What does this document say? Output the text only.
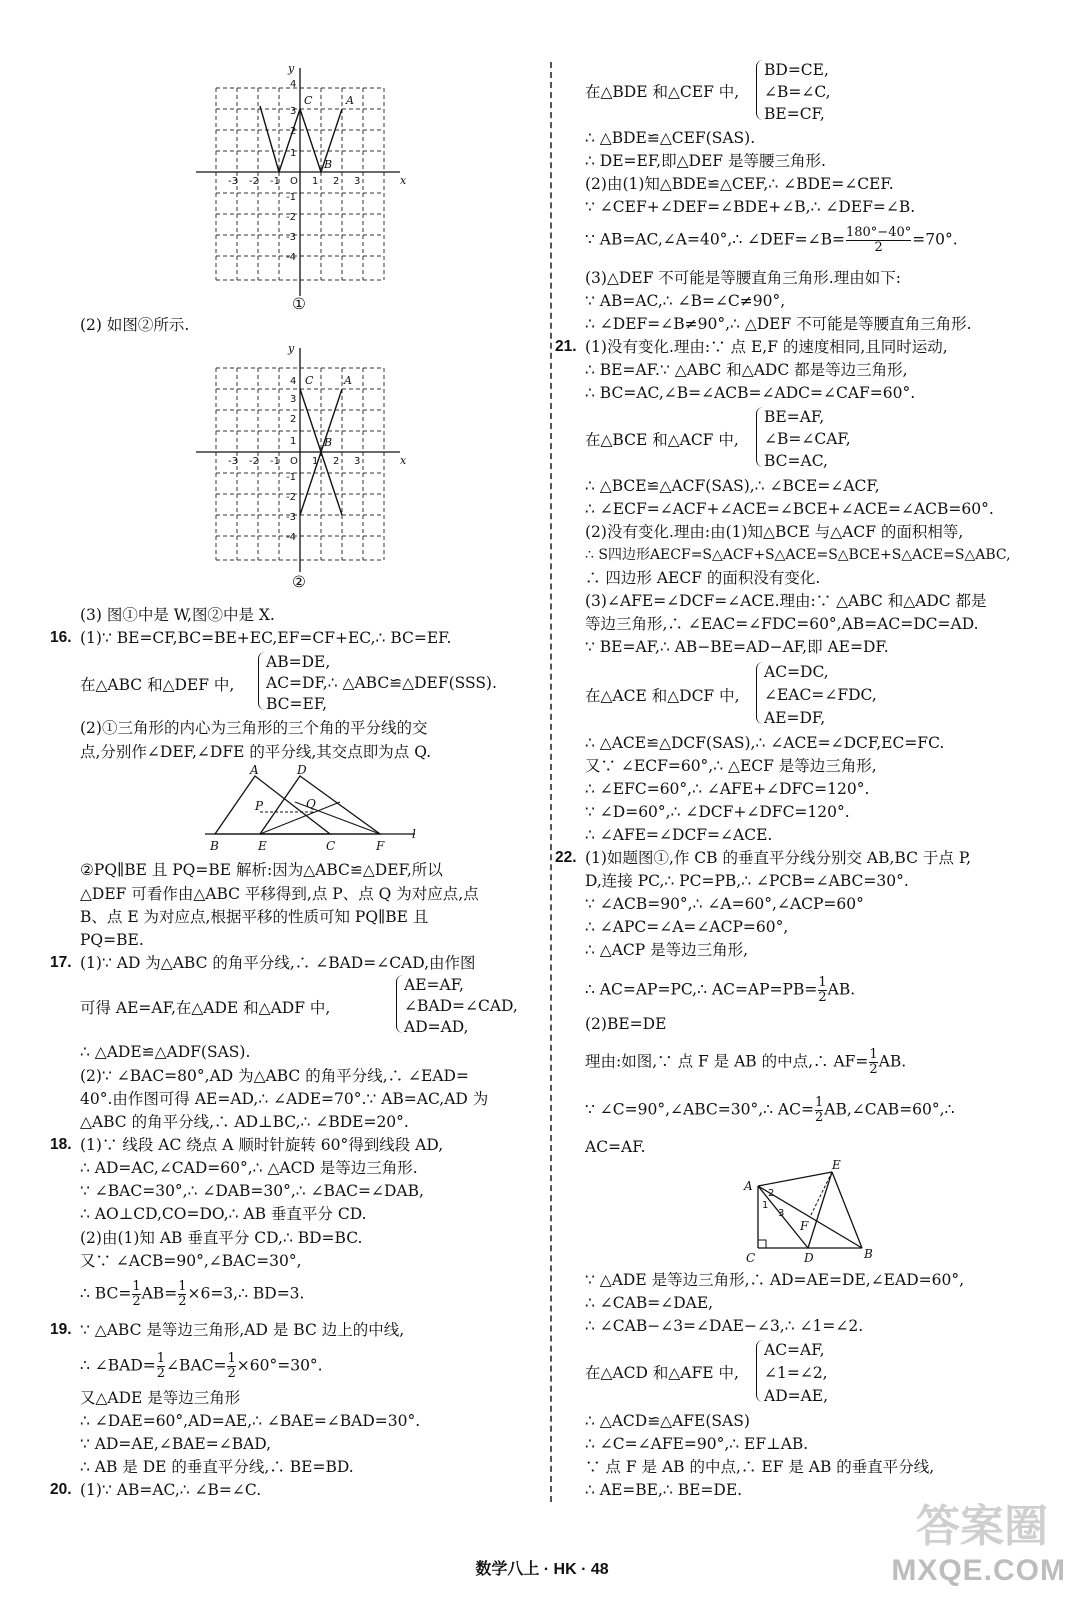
y
x
C	A
B
4
3
2
1
-3 -2 -1 O 1 2 3
-1
-2
-3
-4
①
(2) 如图②所示.
y
x
C	A
B
4
3
2
1
-3 -2 -1 O 1 2 3
-1
-2
-3
-4
②
(3) 图①中是 W,图②中是 X.
16. (1)∵ BE=CF,BC=BE+EC,EF=CF+EC,∴ BC=EF.
在△ABC 和△DEF 中,
AB=DE,
AC=DF,∴ △ABC≌△DEF(SSS).
BC=EF,
(2)①三角形的内心为三角形的三个角的平分线的交
点,分别作∠DEF,∠DFE 的平分线,其交点即为点 Q.
A	D
P	Q
B	E	C	F
l
②PQ∥BE 且 PQ=BE 解析:因为△ABC≌△DEF,所以
△DEF 可看作由△ABC 平移得到,点 P、点 Q 为对应点,点
B、点 E 为对应点,根据平移的性质可知 PQ∥BE 且
PQ=BE.
17. (1)∵ AD 为△ABC 的角平分线,∴ ∠BAD=∠CAD,由作图
可得 AE=AF,在△ADE 和△ADF 中,
AE=AF,
∠BAD=∠CAD,
AD=AD,
∴ △ADE≌△ADF(SAS).
(2)∵ ∠BAC=80°,AD 为△ABC 的角平分线,∴ ∠EAD=
40°.由作图可得 AE=AD,∴ ∠ADE=70°.∵ AB=AC,AD 为
△ABC 的角平分线,∴ AD⊥BC,∴ ∠BDE=20°.
18. (1)∵ 线段 AC 绕点 A 顺时针旋转 60°得到线段 AD,
∴ AD=AC,∠CAD=60°,∴ △ACD 是等边三角形.
∵ ∠BAC=30°,∴ ∠DAB=30°,∴ ∠BAC=∠DAB,
∴ AO⊥CD,CO=DO,∴ AB 垂直平分 CD.
(2)由(1)知 AB 垂直平分 CD,∴ BD=BC.
又∵ ∠ACB=90°,∠BAC=30°,
∴ $BC= \frac{1}{2} AB= \frac{1}{2}$ ×6=3,∴ BD=3.
19. ∵ △ABC 是等边三角形,AD 是 BC 边上的中线,
∴ ∠BAD= $\frac{1}{2}$ ∠BAC= $\frac{1}{2} \times 60^\circ=30^\circ$.
又△ADE 是等边三角形
∴ ∠DAE=60°,AD=AE,∴ ∠BAE=∠BAD=30°.
∵ AD=AE,∠BAE=∠BAD,
∴ AB 是 DE 的垂直平分线,∴ BE=BD.
20. (1)∵ AB=AC,∴ ∠B=∠C.
在△BDE 和△CEF 中,
BD=CE,
∠B=∠C,
BE=CF,
∴ △BDE≌△CEF(SAS).
∴ DE=EF,即△DEF 是等腰三角形.
(2)由(1)知△BDE≌△CEF,∴ ∠BDE=∠CEF.
∵ ∠CEF+∠DEF=∠BDE+∠B,∴ ∠DEF=∠B.
∵ AB=AC,∠A=40°,∴ ∠DEF=∠B= $\frac{180^\circ-40^\circ}{2} =70^\circ$.
(3)△DEF 不可能是等腰直角三角形.理由如下:
∵ AB=AC,∴ ∠B=∠C≠90°,
∴ ∠DEF=∠B≠90°,∴ △DEF 不可能是等腰直角三角形.
21. (1)没有变化.理由:∵ 点 E,F 的速度相同,且同时运动,
∴ BE=AF.∵ △ABC 和△ADC 都是等边三角形,
∴ BC=AC,∠B=∠ACB=∠ADC=∠CAF=60°.
在△BCE 和△ACF 中,
BE=AF,
∠B=∠CAF,
BC=AC,
∴ △BCE≌△ACF(SAS),∴ ∠BCE=∠ACF,
∴ ∠ECF=∠ACF+∠ACE=∠BCE+∠ACE=∠ACB=60°.
(2)没有变化.理由:由(1)知△BCE 与△ACF 的面积相等,
∴ S四边形AECF=S△ACF+S△ACE=S△BCE+S△ACE=S△ABC,
∴ 四边形 AECF 的面积没有变化.
(3)∠AFE=∠DCF=∠ACE.理由:∵ △ABC 和△ADC 都是
等边三角形,∴ ∠EAC=∠FDC=60°,AB=AC=DC=AD.
∵ BE=AF,∴ AB−BE=AD−AF,即 AE=DF.
在△ACE 和△DCF 中,
AC=DC,
∠EAC=∠FDC,
AE=DF,
∴ △ACE≌△DCF(SAS),∴ ∠ACE=∠DCF,EC=FC.
又∵ ∠ECF=60°,∴ △ECF 是等边三角形,
∴ ∠EFC=60°,∴ ∠AFE+∠DFC=120°.
∵ ∠D=60°,∴ ∠DCF+∠DFC=120°.
∴ ∠AFE=∠DCF=∠ACE.
22. (1)如题图①,作 CB 的垂直平分线分别交 AB,BC 于点 P,
D,连接 PC,∴ PC=PB,∴ ∠PCB=∠ABC=30°.
∵ ∠ACB=90°,∴ ∠A=60°,∠ACP=60°
∴ ∠APC=∠A=∠ACP=60°,
∴ △ACP 是等边三角形,
∴ AC=AP=PC,∴ $AC=AP=PB= \frac{1}{2}$ AB.
(2)BE=DE
理由:如图,∵ 点 F 是 AB 的中点,∴ $AF= \frac{1}{2}$ AB.
∵ ∠C=90°,∠ABC=30°,∴ $AC= \frac{1}{2}$ AB,∠CAB=60°,∴
AC=AF.
A
E
F
C	D	B
2
1
3
∵ △ADE 是等边三角形,∴ AD=AE=DE,∠EAD=60°,
∴ ∠CAB=∠DAE,
∴ ∠CAB−∠3=∠DAE−∠3,∴ ∠1=∠2.
在△ACD 和△AFE 中,
AC=AF,
∠1=∠2,
AD=AE,
∴ △ACD≌△AFE(SAS)
∴ ∠C=∠AFE=90°,∴ EF⊥AB.
∵ 点 F 是 AB 的中点,∴ EF 是 AB 的垂直平分线,
∴ AE=BE,∴ BE=DE.
数学八上 · HK · 48
答案圈
MXQE.COM
